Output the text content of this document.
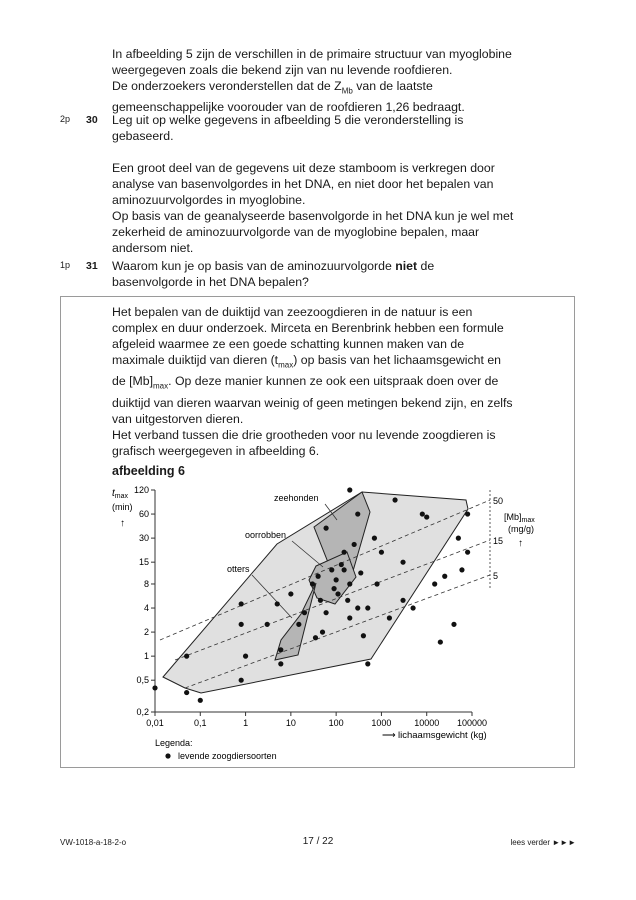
In afbeelding 5 zijn de verschillen in de primaire structuur van myoglobine

weergegeven zoals die bekend zijn van nu levende roofdieren.

De onderzoekers veronderstellen dat de $Z_{Mb}$ van de laatste

gemeenschappelijke voorouder van de roofdieren 1,26 bedraagt.

2p 30 Leg uit op welke gegevens in afbeelding 5 die veronderstelling is

gebaseerd.

Een groot deel van de gegevens uit deze stamboom is verkregen door

analyse van basenvolgordes in het DNA, en niet door het bepalen van

aminozuurvolgordes in myoglobine.

Op basis van de geanalyseerde basenvolgorde in het DNA kun je wel met

zekerheid de aminozuurvolgorde van de myoglobine bepalen, maar

andersom niet.

1p 31 Waarom kun je op basis van de aminozuurvolgorde niet de

basenvolgorde in het DNA bepalen?

Het bepalen van de duiktijd van zeezoogdieren in de natuur is een

complex en duur onderzoek. Mirceta en Berenbrink hebben een formule

afgeleid waarmee ze een goede schatting kunnen maken van de

maximale duiktijd van dieren $(t_{max})$ op basis van het lichaamsgewicht en

de $[Mb]_{max}$. Op deze manier kunnen ze ook een uitspraak doen over de

duiktijd van dieren waarvan weinig of geen metingen bekend zijn, en zelfs

van uitgestorven dieren.

Het verband tussen die drie grootheden voor nu levende zoogdieren is

grafisch weergegeven in afbeelding 6.

afbeelding 6
$t_{max}$
(min)
↑
$[Mb]_{max}$
(mg/g)
↑
⟶ lichaamsgewicht (kg)
50
15
5
zeehonden
oorrobben
otters
0,01	0,1	1	10	100	1000	10000 100000
120
60
30
15
8
4
2
1
0,5
0,2
Legenda:
levende zoogdiersoorten
VW-1018-a-18-2-o	17 / 22	lees verder ►►►
